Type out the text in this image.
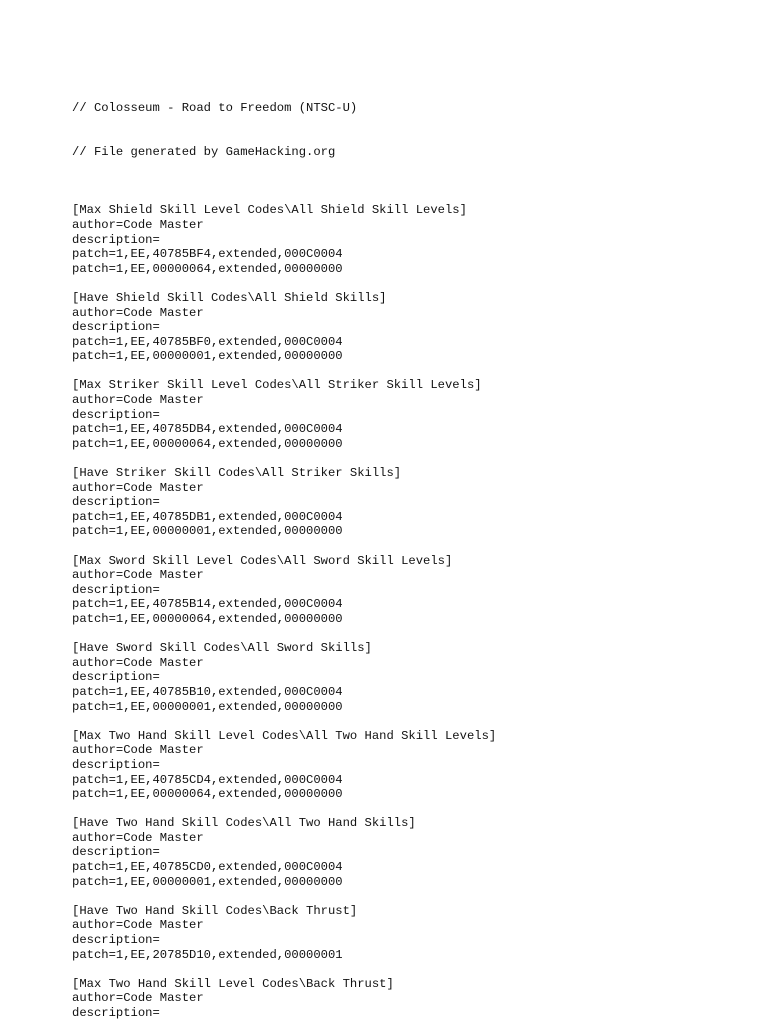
// Colosseum - Road to Freedom (NTSC-U)

// File generated by GameHacking.org

[Max Shield Skill Level Codes\All Shield Skill Levels]
author=Code Master
description=
patch=1,EE,40785BF4,extended,000C0004
patch=1,EE,00000064,extended,00000000
[Have Shield Skill Codes\All Shield Skills]
author=Code Master
description=
patch=1,EE,40785BF0,extended,000C0004
patch=1,EE,00000001,extended,00000000
[Max Striker Skill Level Codes\All Striker Skill Levels]
author=Code Master
description=
patch=1,EE,40785DB4,extended,000C0004
patch=1,EE,00000064,extended,00000000
[Have Striker Skill Codes\All Striker Skills]
author=Code Master
description=
patch=1,EE,40785DB1,extended,000C0004
patch=1,EE,00000001,extended,00000000
[Max Sword Skill Level Codes\All Sword Skill Levels]
author=Code Master
description=
patch=1,EE,40785B14,extended,000C0004
patch=1,EE,00000064,extended,00000000
[Have Sword Skill Codes\All Sword Skills]
author=Code Master
description=
patch=1,EE,40785B10,extended,000C0004
patch=1,EE,00000001,extended,00000000
[Max Two Hand Skill Level Codes\All Two Hand Skill Levels]
author=Code Master
description=
patch=1,EE,40785CD4,extended,000C0004
patch=1,EE,00000064,extended,00000000
[Have Two Hand Skill Codes\All Two Hand Skills]
author=Code Master
description=
patch=1,EE,40785CD0,extended,000C0004
patch=1,EE,00000001,extended,00000000
[Have Two Hand Skill Codes\Back Thrust]
author=Code Master
description=
patch=1,EE,20785D10,extended,00000001
[Max Two Hand Skill Level Codes\Back Thrust]
author=Code Master
description=
